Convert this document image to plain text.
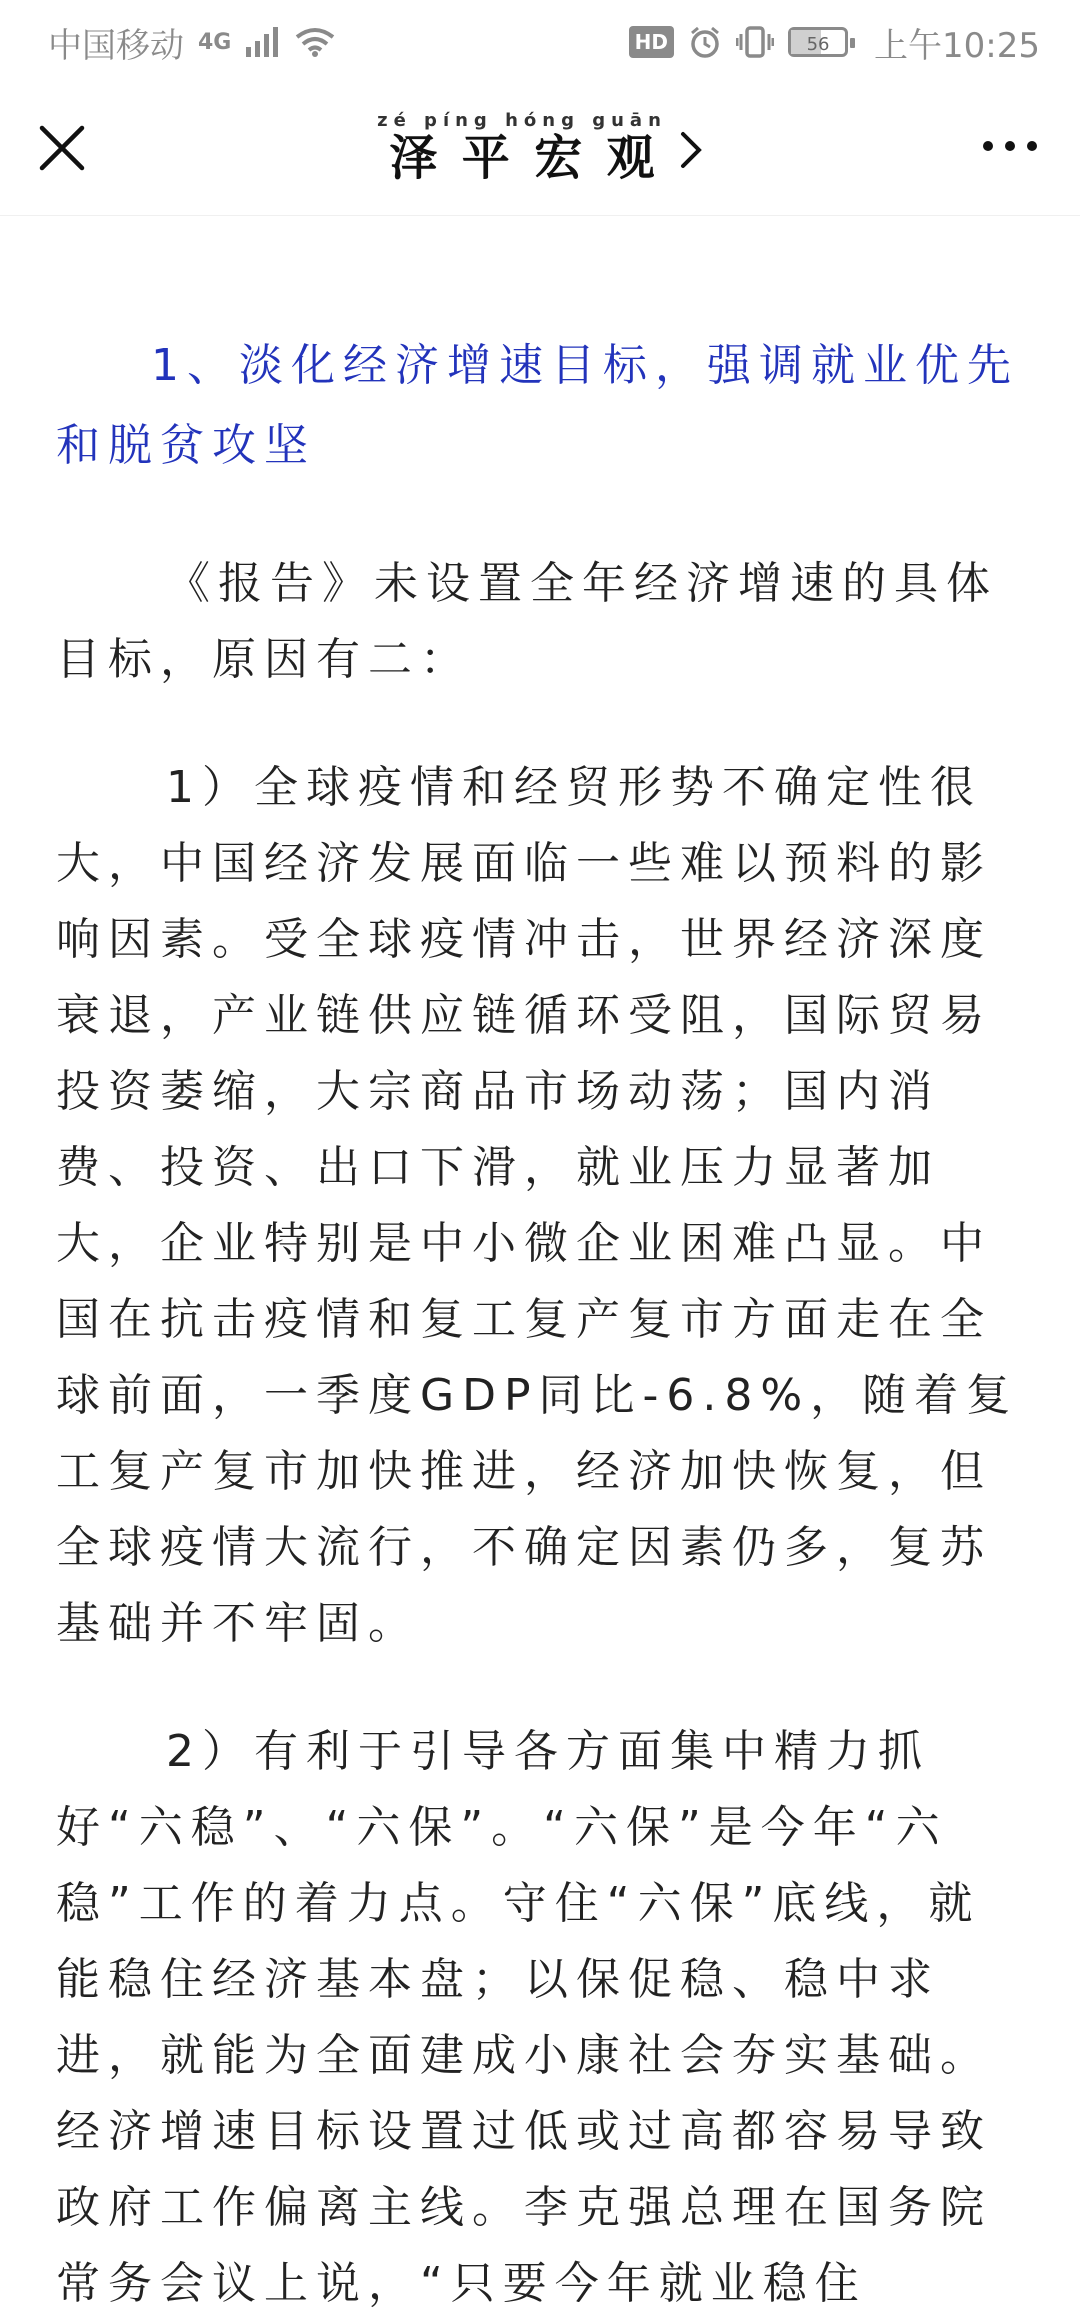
中国移动 4G	HD	56	上午10:25
泽平宏观zé píng hóng guān
1、淡化经济增速目标，强调就业优先和脱贫攻坚
《报告》未设置全年经济增速的具体目标，原因有二：
1）全球疫情和经贸形势不确定性很大，中国经济发展面临一些难以预料的影响因素。受全球疫情冲击，世界经济深度衰退，产业链供应链循环受阻，国际贸易投资萎缩，大宗商品市场动荡；国内消费、投资、出口下滑，就业压力显著加大，企业特别是中小微企业困难凸显。中国在抗击疫情和复工复产复市方面走在全球前面，一季度GDP同比-6.8%，随着复工复产复市加快推进，经济加快恢复，但全球疫情大流行，不确定因素仍多，复苏基础并不牢固。
2）有利于引导各方面集中精力抓好“六稳”、“六保”。“六保”是今年“六稳”工作的着力点。守住“六保”底线，就能稳住经济基本盘；以保促稳、稳中求进，就能为全面建成小康社会夯实基础。经济增速目标设置过低或过高都容易导致政府工作偏离主线。李克强总理在国务院常务会议上说，“只要今年就业稳住
